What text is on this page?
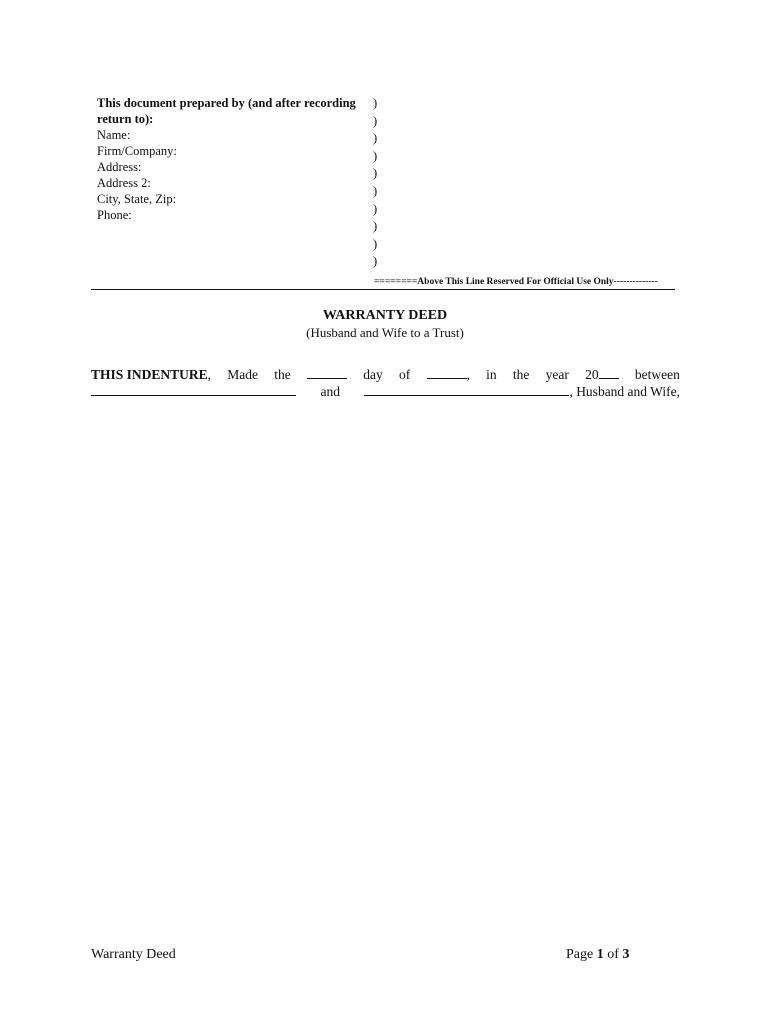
This document prepared by (and after recording

return to):

Name:

Firm/Company:

Address:

Address 2:

City, State, Zip:

Phone:

)
)
)
)
)
)
)
)
)
)
========Above This Line Reserved For Official Use Only--------------
WARRANTY DEED
(Husband and Wife to a Trust)
THIS INDENTURE, Made the	day of	, in the year 20	between
and	, Husband and Wife,
Warranty Deed	Page 1 of 3
